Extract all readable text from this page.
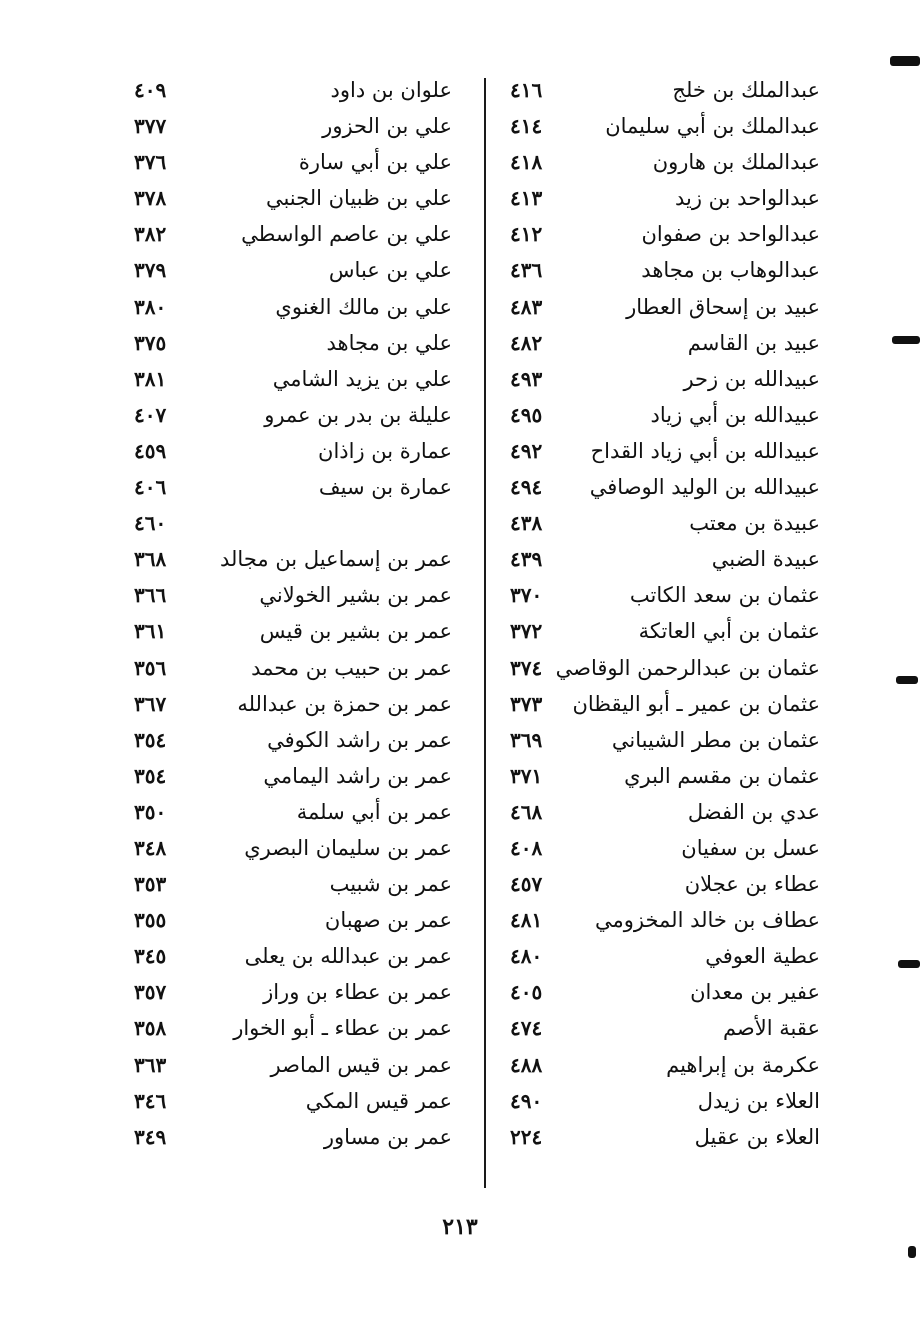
عبدالملك بن خلج
٤١٦
عبدالملك بن أبي سليمان
٤١٤
عبدالملك بن هارون
٤١٨
عبدالواحد بن زيد
٤١٣
عبدالواحد بن صفوان
٤١٢
عبدالوهاب بن مجاهد
٤٣٦
عبيد بن إسحاق العطار
٤٨٣
عبيد بن القاسم
٤٨٢
عبيدالله بن زحر
٤٩٣
عبيدالله بن أبي زياد
٤٩٥
عبيدالله بن أبي زياد القداح
٤٩٢
عبيدالله بن الوليد الوصافي
٤٩٤
عبيدة بن معتب
٤٣٨
عبيدة الضبي
٤٣٩
عثمان بن سعد الكاتب
٣٧٠
عثمان بن أبي العاتكة
٣٧٢
عثمان بن عبدالرحمن الوقاصي
٣٧٤
عثمان بن عمير ـ أبو اليقظان
٣٧٣
عثمان بن مطر الشيباني
٣٦٩
عثمان بن مقسم البري
٣٧١
عدي بن الفضل
٤٦٨
عسل بن سفيان
٤٠٨
عطاء بن عجلان
٤٥٧
عطاف بن خالد المخزومي
٤٨١
عطية العوفي
٤٨٠
عفير بن معدان
٤٠٥
عقبة الأصم
٤٧٤
عكرمة بن إبراهيم
٤٨٨
العلاء بن زيدل
٤٩٠
العلاء بن عقيل
٢٢٤
علوان بن داود
٤٠٩
علي بن الحزور
٣٧٧
علي بن أبي سارة
٣٧٦
علي بن ظبيان الجنبي
٣٧٨
علي بن عاصم الواسطي
٣٨٢
علي بن عباس
٣٧٩
علي بن مالك الغنوي
٣٨٠
علي بن مجاهد
٣٧٥
علي بن يزيد الشامي
٣٨١
عليلة بن بدر بن عمرو
٤٠٧
عمارة بن زاذان
٤٥٩
عمارة بن سيف
٤٠٦
٤٦٠
عمر بن إسماعيل بن مجالد
٣٦٨
عمر بن بشير الخولاني
٣٦٦
عمر بن بشير بن قيس
٣٦١
عمر بن حبيب بن محمد
٣٥٦
عمر بن حمزة بن عبدالله
٣٦٧
عمر بن راشد الكوفي
٣٥٤
عمر بن راشد اليمامي
٣٥٤
عمر بن أبي سلمة
٣٥٠
عمر بن سليمان البصري
٣٤٨
عمر بن شبيب
٣٥٣
عمر بن صهبان
٣٥٥
عمر بن عبدالله بن يعلى
٣٤٥
عمر بن عطاء بن وراز
٣٥٧
عمر بن عطاء ـ أبو الخوار
٣٥٨
عمر بن قيس الماصر
٣٦٣
عمر قيس المكي
٣٤٦
عمر بن مساور
٣٤٩
٢١٣
